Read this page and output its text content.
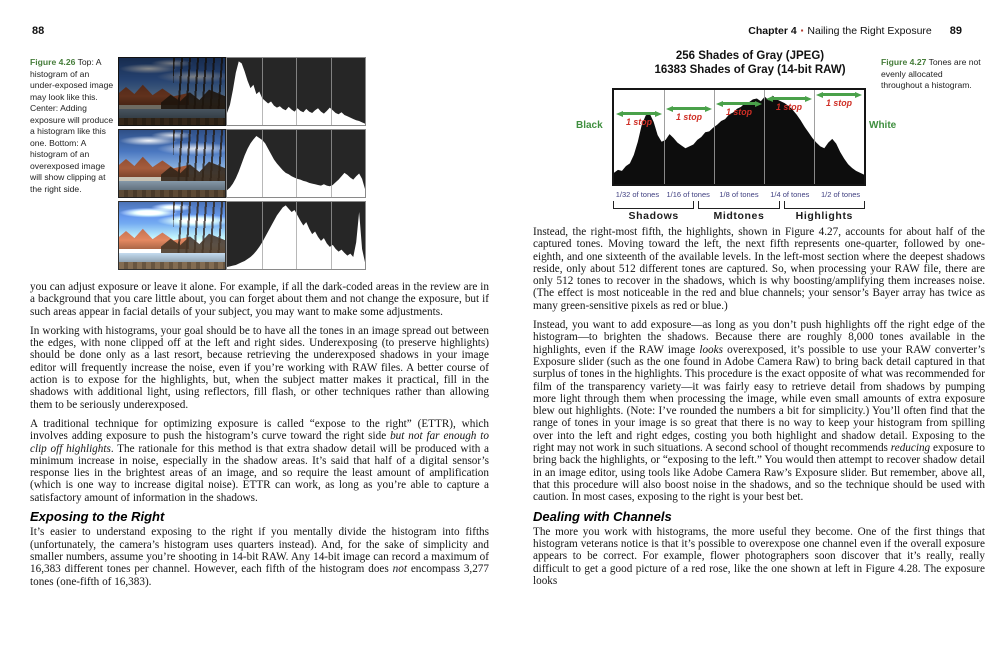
88	Chapter 4 ▪ Nailing the Right Exposure 89
Figure 4.26 Top: A histogram of an under-exposed image may look like this. Center: Adding exposure will produce a histogram like this one. Bottom: A histogram of an overexposed image will show clipping at the right side.

you can adjust exposure or leave it alone. For example, if all the dark-coded areas in the review are in a background that you care little about, you can forget about them and not change the exposure, but if such areas appear in facial details of your subject, you may want to make some adjustments.

In working with histograms, your goal should be to have all the tones in an image spread out between the edges, with none clipped off at the left and right sides. Underexposing (to preserve highlights) should be done only as a last resort, because retrieving the underexposed shadows in your image editor will frequently increase the noise, even if you’re working with RAW files. A better course of action is to expose for the highlights, but, when the subject matter makes it practical, fill in the shadows with additional light, using reflectors, fill flash, or other techniques rather than allowing them to be seriously underexposed.

A traditional technique for optimizing exposure is called “expose to the right” (ETTR), which involves adding exposure to push the histogram’s curve toward the right side but not far enough to clip off highlights. The rationale for this method is that extra shadow detail will be produced with a minimum increase in noise, especially in the shadow areas. It’s said that half of a digital sensor’s response lies in the brightest areas of an image, and so require the least amount of amplification (which is one way to increase digital noise). ETTR can work, as long as you’re able to capture a satisfactory amount of information in the shadows.

Exposing to the Right

It’s easier to understand exposing to the right if you mentally divide the histogram into fifths (unfortunately, the camera’s histogram uses quarters instead). And, for the sake of simplicity and smaller numbers, assume you’re shooting in 14-bit RAW. Any 14-bit image can record a maximum of 16,383 different tones per channel. However, each fifth of the histogram does not encompass 3,277 tones (one-fifth of 16,383).

256 Shades of Gray (JPEG)
16383 Shades of Gray (14-bit RAW)
Figure 4.27 Tones are not evenly allocated throughout a histogram.
1 stop	1 stop	1 stop	1 stop	1 stop
Black	White
1/32 of tones 1/16 of tones	1/8 of tones	1/4 of tones	1/2 of tones
Shadows	Midtones	Highlights

Instead, the right-most fifth, the highlights, shown in Figure 4.27, accounts for about half of the captured tones. Moving toward the left, the next fifth represents one-quarter, followed by one-eighth, and one sixteenth of the available levels. In the left-most section where the deepest shadows reside, only about 512 different tones are captured. So, when processing your RAW file, there are only 512 tones to recover in the shadows, which is why boosting/amplifying them increases noise. (The effect is most noticeable in the red and blue channels; your sensor’s Bayer array has twice as many green-sensitive pixels as red or blue.)

Instead, you want to add exposure—as long as you don’t push highlights off the right edge of the histogram—to brighten the shadows. Because there are roughly 8,000 tones available in the highlights, even if the RAW image looks overexposed, it’s possible to use your RAW converter’s Exposure slider (such as the one found in Adobe Camera Raw) to bring back detail captured in that surplus of tones in the highlights. This procedure is the exact opposite of what was recommended for film of the transparency variety—it was fairly easy to retrieve detail from shadows by pumping more light through them when processing the image, while even small amounts of extra exposure blew out highlights. (Note: I’ve rounded the numbers a bit for simplicity.) You’ll often find that the range of tones in your image is so great that there is no way to keep your histogram from spilling over into the left and right edges, costing you both highlight and shadow detail. Exposing to the right may not work in such situations. A second school of thought recommends reducing exposure to bring back the highlights, or “exposing to the left.” You would then attempt to recover shadow detail in an image editor, using tools like Adobe Camera Raw’s Exposure slider. But remember, above all, that this procedure will also boost noise in the shadows, and so the technique should be used with caution. In most cases, exposing to the right is your best bet.

Dealing with Channels

The more you work with histograms, the more useful they become. One of the first things that histogram veterans notice is that it’s possible to overexpose one channel even if the overall exposure appears to be correct. For example, flower photographers soon discover that it’s really, really difficult to get a good picture of a red rose, like the one shown at left in Figure 4.28. The exposure looks
